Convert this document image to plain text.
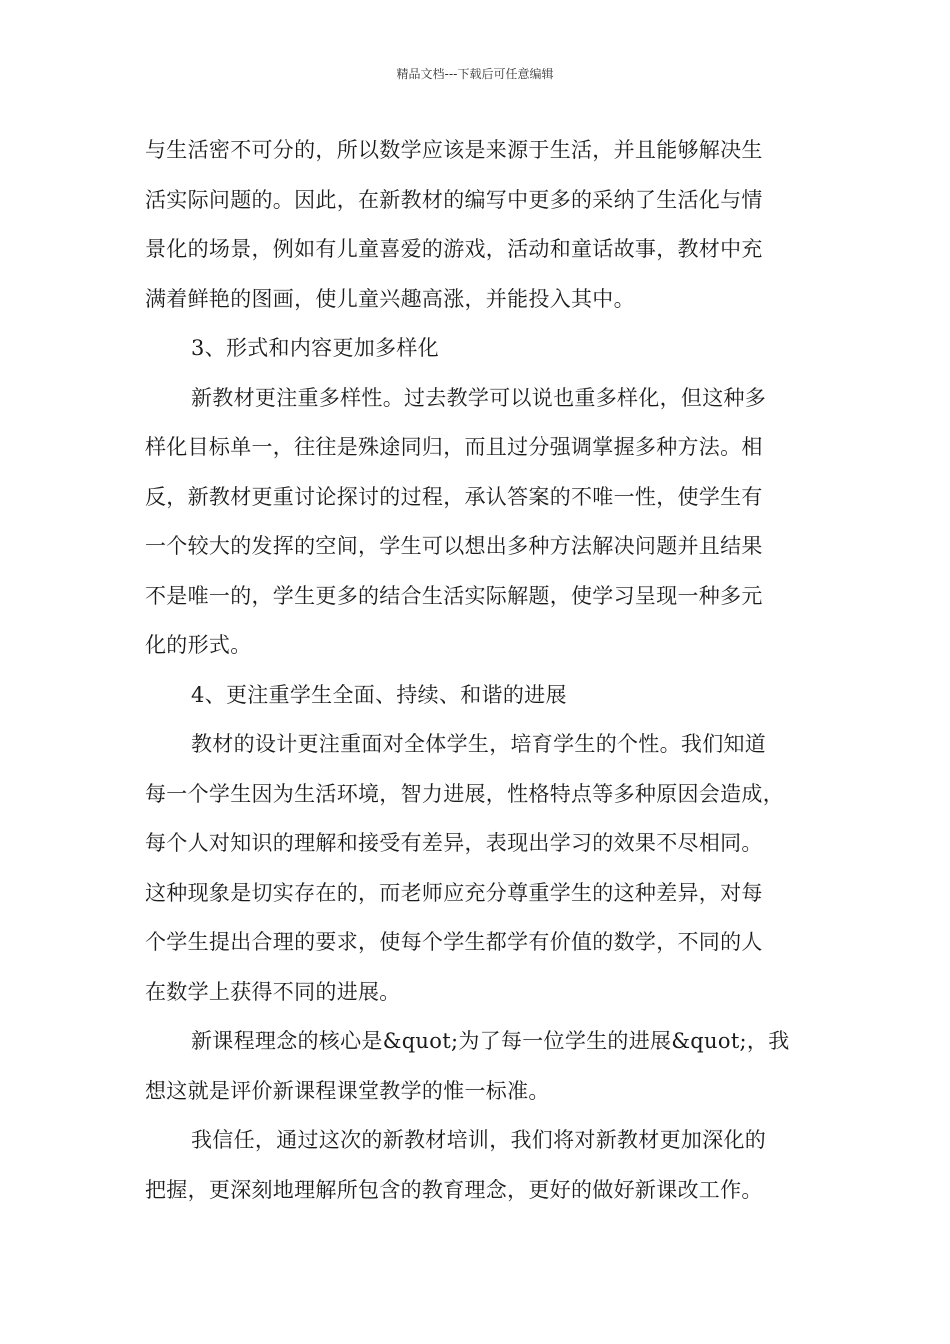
精品文档---下载后可任意编辑
与生活密不可分的，所以数学应该是来源于生活，并且能够解决生
活实际问题的。因此，在新教材的编写中更多的采纳了生活化与情
景化的场景，例如有儿童喜爱的游戏，活动和童话故事，教材中充
满着鲜艳的图画，使儿童兴趣高涨，并能投入其中。
3、形式和内容更加多样化
新教材更注重多样性。过去教学可以说也重多样化，但这种多
样化目标单一，往往是殊途同归，而且过分强调掌握多种方法。相
反，新教材更重讨论探讨的过程，承认答案的不唯一性，使学生有
一个较大的发挥的空间，学生可以想出多种方法解决问题并且结果
不是唯一的，学生更多的结合生活实际解题，使学习呈现一种多元
化的形式。
4、更注重学生全面、持续、和谐的进展
教材的设计更注重面对全体学生，培育学生的个性。我们知道
每一个学生因为生活环境，智力进展，性格特点等多种原因会造成，
每个人对知识的理解和接受有差异，表现出学习的效果不尽相同。
这种现象是切实存在的，而老师应充分尊重学生的这种差异，对每
个学生提出合理的要求，使每个学生都学有价值的数学，不同的人
在数学上获得不同的进展。
新课程理念的核心是&quot;为了每一位学生的进展&quot;，我
想这就是评价新课程课堂教学的惟一标准。
我信任，通过这次的新教材培训，我们将对新教材更加深化的
把握，更深刻地理解所包含的教育理念，更好的做好新课改工作。
